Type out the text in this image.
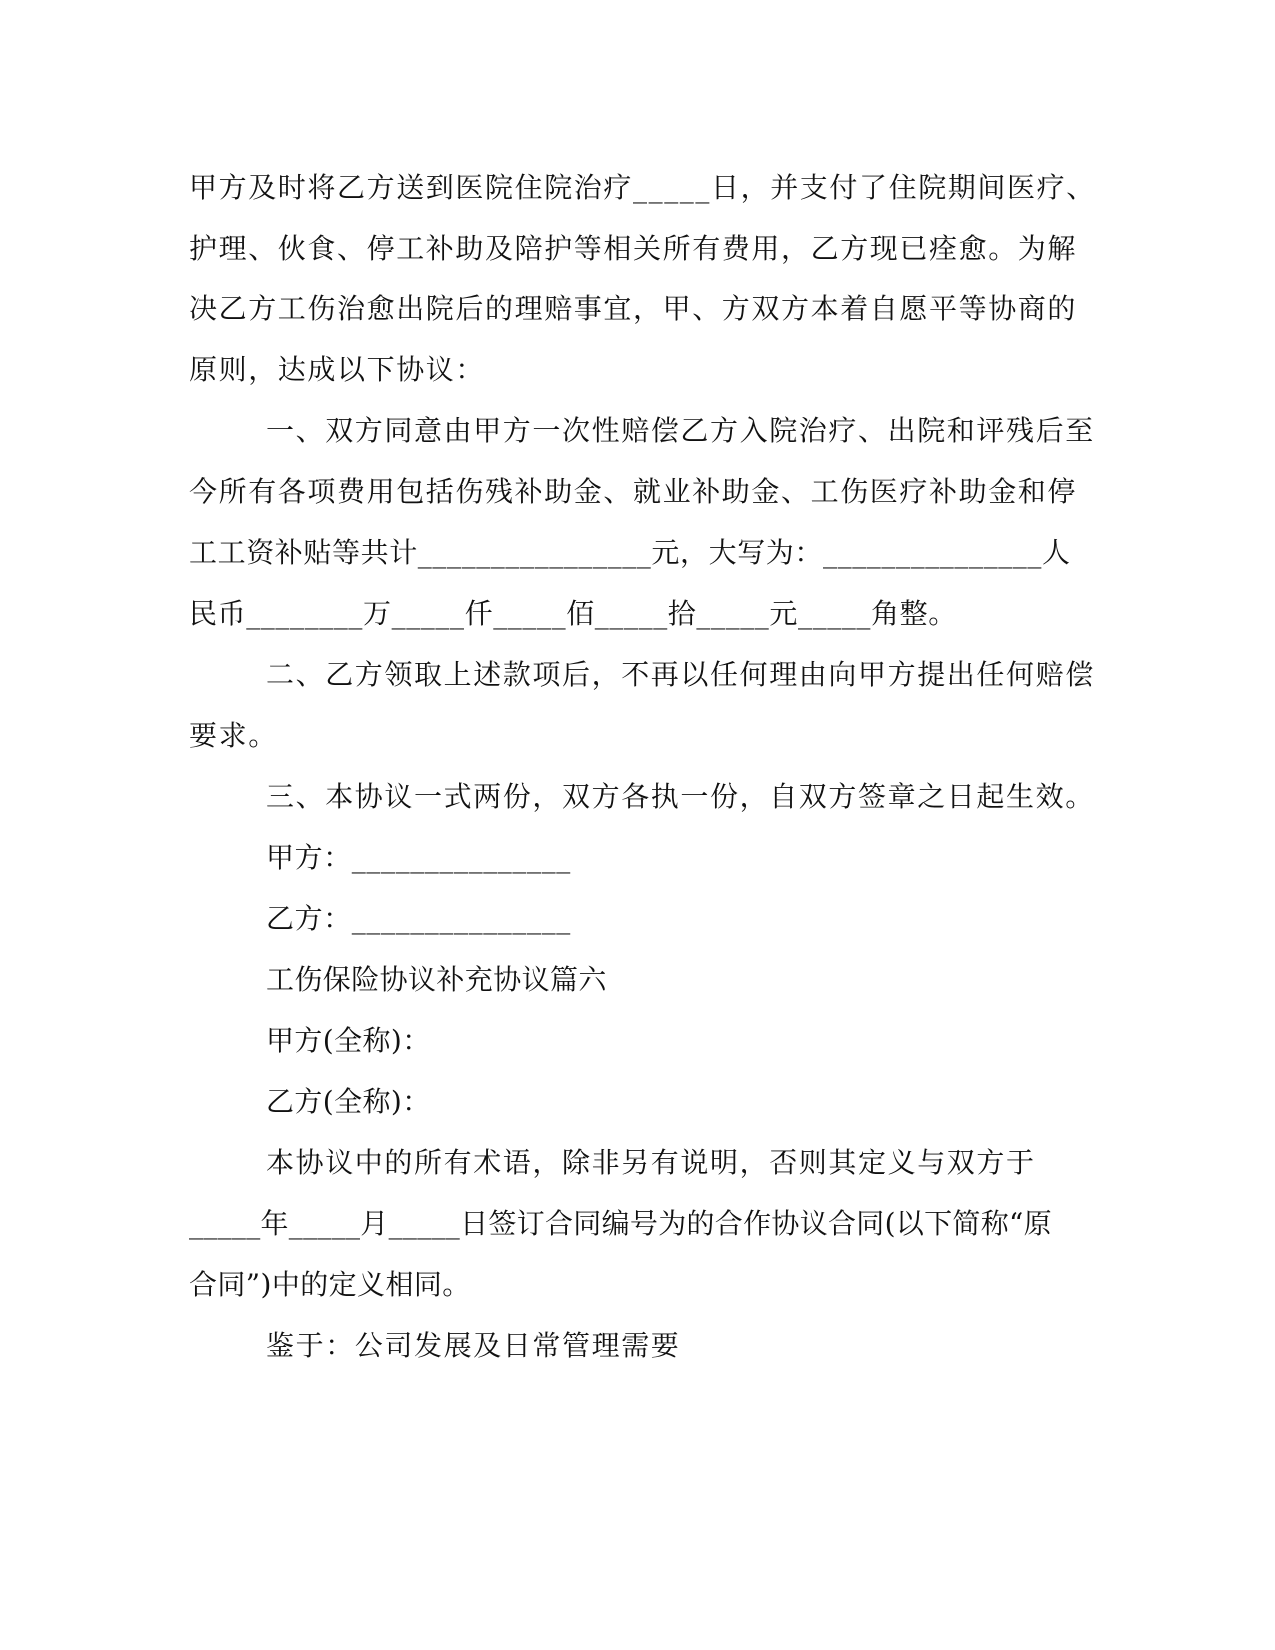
甲方及时将乙方送到医院住院治疗_____日，并支付了住院期间医疗、

护理、伙食、停工补助及陪护等相关所有费用，乙方现已痊愈。为解

决乙方工伤治愈出院后的理赔事宜，甲、方双方本着自愿平等协商的

原则，达成以下协议：

一、双方同意由甲方一次性赔偿乙方入院治疗、出院和评残后至

今所有各项费用包括伤残补助金、就业补助金、工伤医疗补助金和停

工工资补贴等共计________________元，大写为：_______________人

民币________万_____仟_____佰_____拾_____元_____角整。

二、乙方领取上述款项后，不再以任何理由向甲方提出任何赔偿

要求。

三、本协议一式两份，双方各执一份，自双方签章之日起生效。

甲方：_______________

乙方：_______________

工伤保险协议补充协议篇六

甲方(全称)：

乙方(全称)：

本协议中的所有术语，除非另有说明，否则其定义与双方于

_____年_____月_____日签订合同编号为的合作协议合同(以下简称“原

合同”)中的定义相同。

鉴于：公司发展及日常管理需要
